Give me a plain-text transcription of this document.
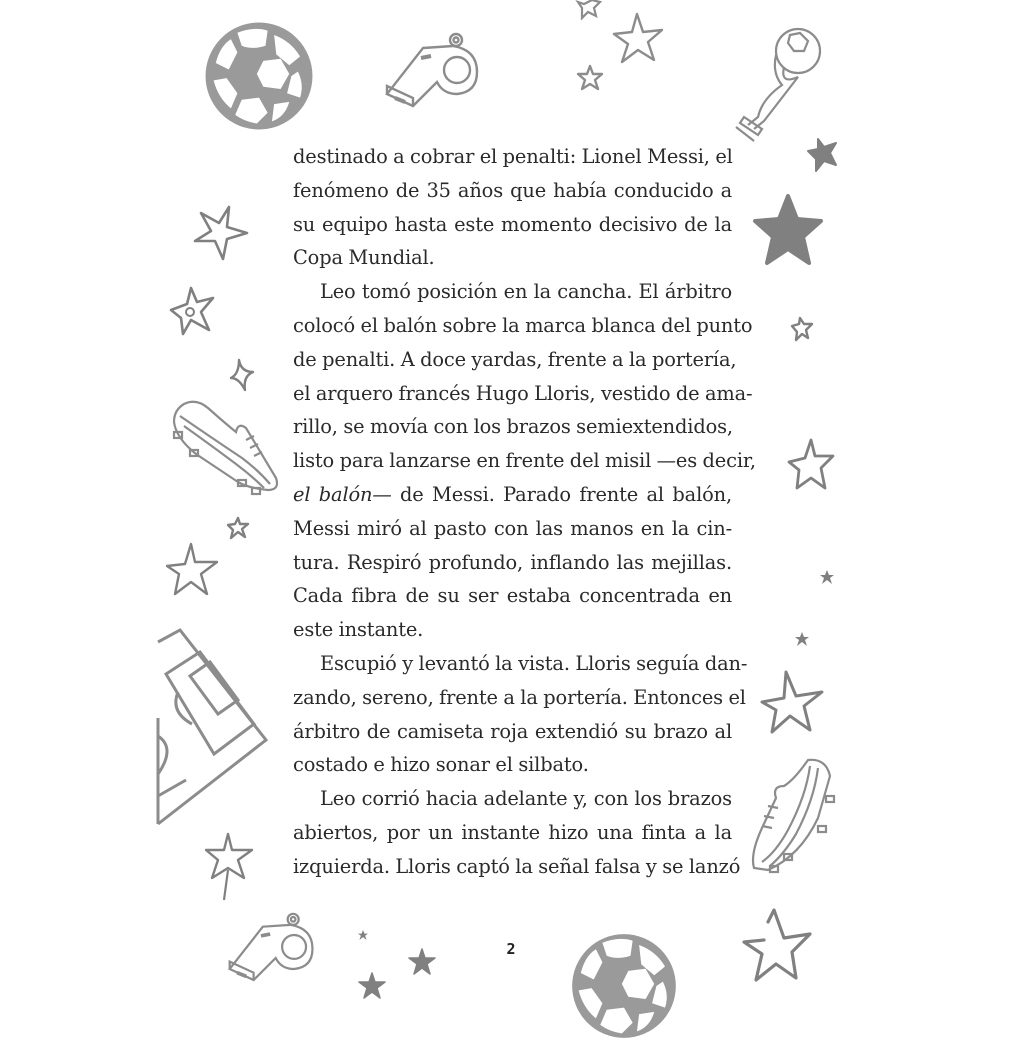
2

destinado a cobrar el penalti: Lionel Messi, el
fenómeno de 35 años que había conducido a
su equipo hasta este momento decisivo de la
Copa Mundial.

Leo tomó posición en la cancha. El árbitro
colocó el balón sobre la marca blanca del punto
de penalti. A doce yardas, frente a la portería,
el arquero francés Hugo Lloris, vestido de ama-
rillo, se movía con los brazos semiextendidos,
listo para lanzarse en frente del misil —es decir,
el balón— de Messi. Parado frente al balón,
Messi miró al pasto con las manos en la cin-
tura. Respiró profundo, inflando las mejillas.
Cada fibra de su ser estaba concentrada en
este instante.

Escupió y levantó la vista. Lloris seguía dan-
zando, sereno, frente a la portería. Entonces el
árbitro de camiseta roja extendió su brazo al
costado e hizo sonar el silbato.

Leo corrió hacia adelante y, con los brazos
abiertos, por un instante hizo una finta a la
izquierda. Lloris captó la señal falsa y se lanzó
